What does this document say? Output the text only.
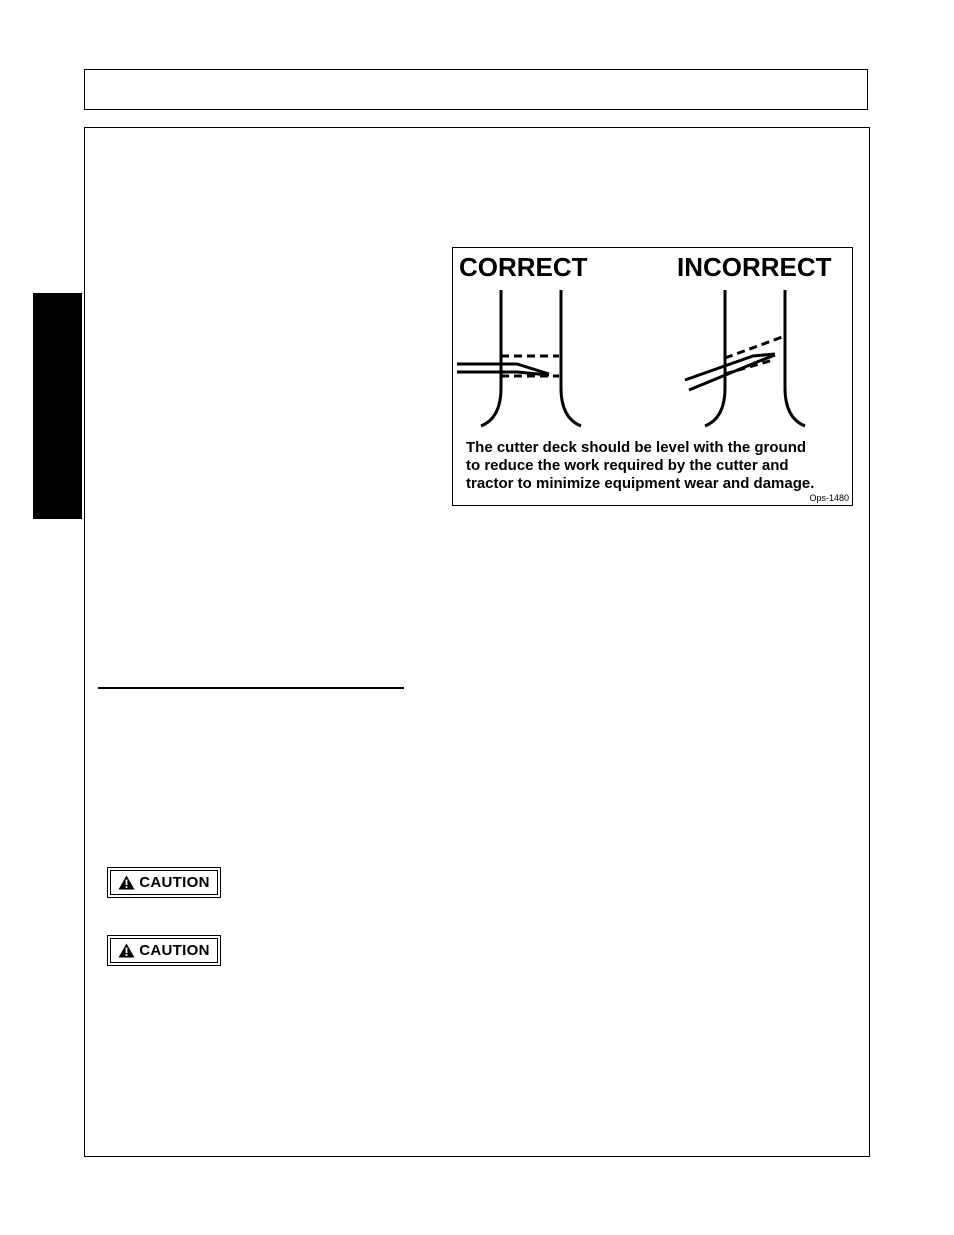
CORRECT	INCORRECT
The cutter deck should be level with the ground
to reduce the work required by the cutter and
tractor to minimize equipment wear and damage.
Ops-1480
CAUTION
CAUTION
